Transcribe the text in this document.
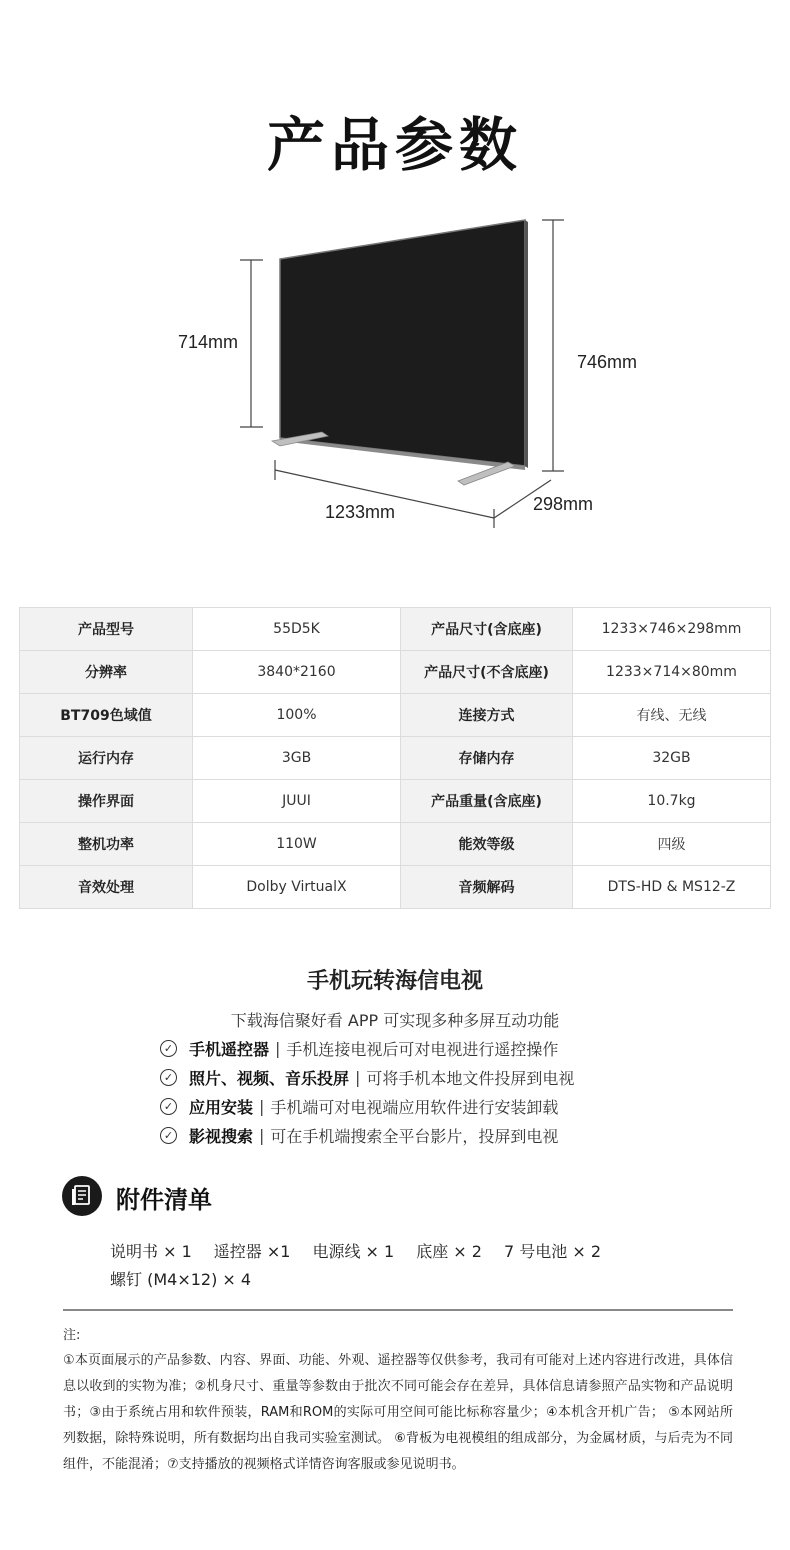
产品参数
714mm
746mm
1233mm	298mm
产品型号	55D5K	产品尺寸(含底座)	1233×746×298mm
分辨率	3840*2160	产品尺寸(不含底座)	1233×714×80mm
BT709色域值	100%	连接方式	有线、无线
运行内存	3GB	存储内存	32GB
操作界面	JUUI	产品重量(含底座)	10.7kg
整机功率	110W	能效等级	四级
音效处理	Dolby VirtualX	音频解码	DTS-HD & MS12-Z
手机玩转海信电视
下载海信聚好看 APP 可实现多种多屏互动功能
✓ 手机遥控器 | 手机连接电视后可对电视进行遥控操作
✓ 照片、视频、音乐投屏 | 可将手机本地文件投屏到电视
✓ 应用安装 | 手机端可对电视端应用软件进行安装卸载
✓ 影视搜索 | 可在手机端搜索全平台影片，投屏到电视
附件清单
说明书 × 1 遥控器 ×1 电源线 × 1 底座 × 2 7 号电池 × 2
螺钉 (M4×12) × 4
注:
①本页面展示的产品参数、内容、界面、功能、外观、遥控器等仅供参考，我司有可能对上述内容进行改进，具体信息以收到的实物为准；②机身尺寸、重量等参数由于批次不同可能会存在差异，具体信息请参照产品实物和产品说明书；③由于系统占用和软件预装，RAM和ROM的实际可用空间可能比标称容量少；④本机含开机广告； ⑤本网站所列数据，除特殊说明，所有数据均出自我司实验室测试。 ⑥背板为电视模组的组成部分，为金属材质，与后壳为不同组件，不能混淆；⑦支持播放的视频格式详情咨询客服或参见说明书。
